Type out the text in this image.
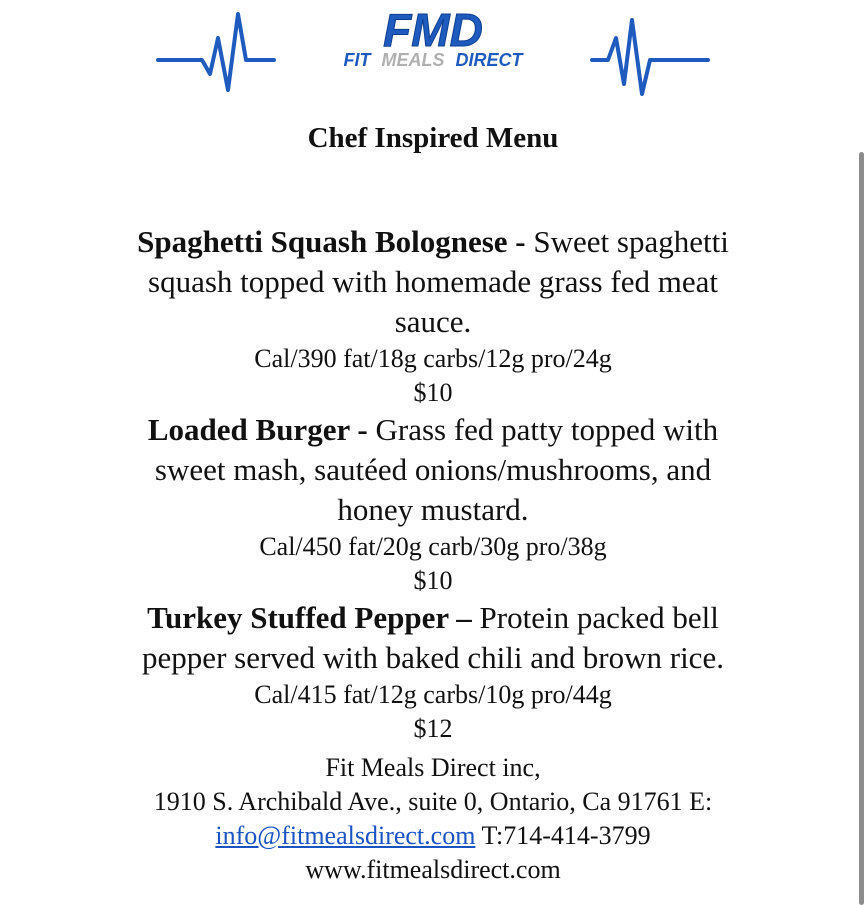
FMD
FIT MEALS DIRECT
Chef Inspired Menu
Spaghetti Squash Bolognese - Sweet spaghetti
squash topped with homemade grass fed meat
sauce.
Cal/390 fat/18g carbs/12g pro/24g
$10
Loaded Burger - Grass fed patty topped with
sweet mash, sautéed onions/mushrooms, and
honey mustard.
Cal/450 fat/20g carb/30g pro/38g
$10
Turkey Stuffed Pepper – Protein packed bell
pepper served with baked chili and brown rice.
Cal/415 fat/12g carbs/10g pro/44g
$12
Fit Meals Direct inc,
1910 S. Archibald Ave., suite 0, Ontario, Ca 91761 E:
info@fitmealsdirect.com T:714-414-3799
www.fitmealsdirect.com
